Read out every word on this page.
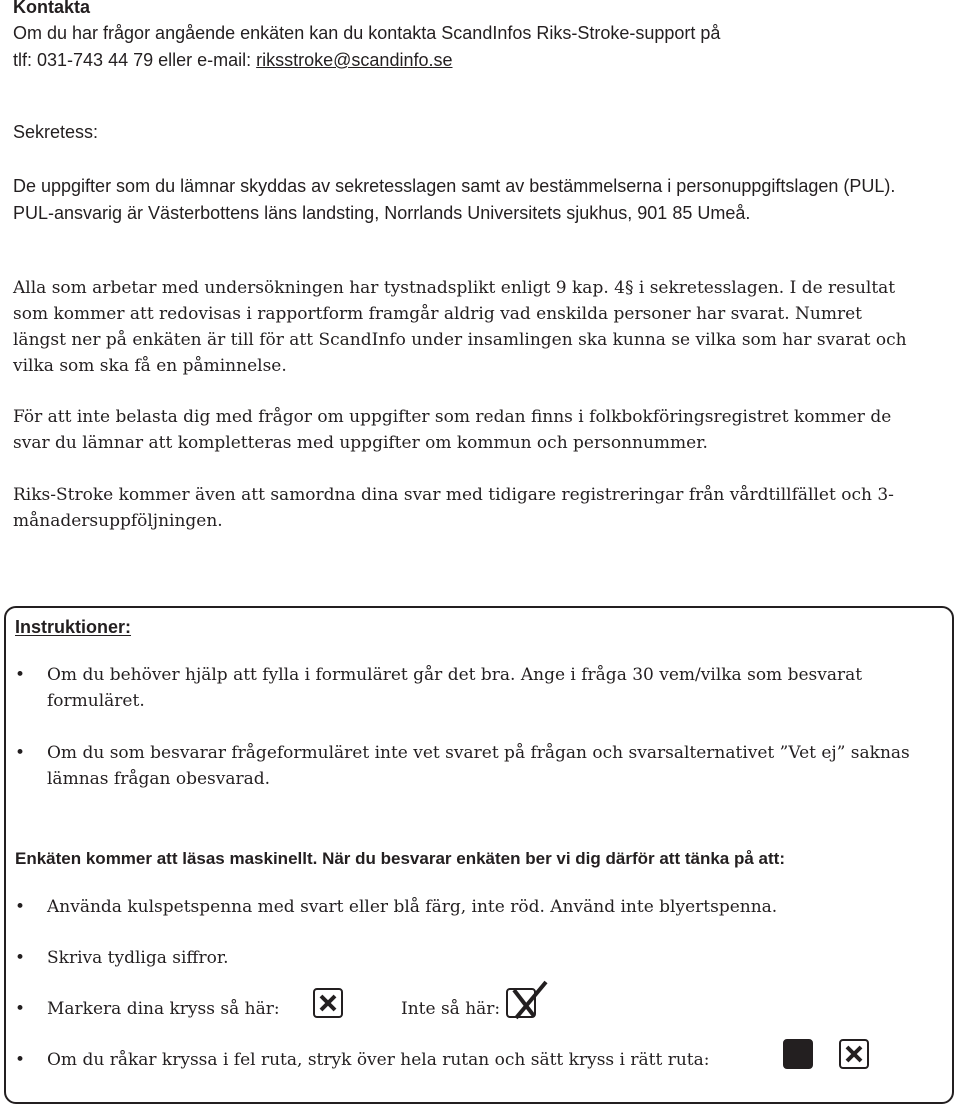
Kontakta
Om du har frågor angående enkäten kan du kontakta ScandInfos Riks-Stroke-support på
tlf: 031-743 44 79 eller e-mail: riksstroke@scandinfo.se
Sekretess:
De uppgifter som du lämnar skyddas av sekretesslagen samt av bestämmelserna i personuppgiftslagen (PUL). PUL-ansvarig är Västerbottens läns landsting, Norrlands Universitets sjukhus, 901 85 Umeå.
Alla som arbetar med undersökningen har tystnadsplikt enligt 9 kap. 4§ i sekretesslagen. I de resultat som kommer att redovisas i rapportform framgår aldrig vad enskilda personer har svarat. Numret längst ner på enkäten är till för att ScandInfo under insamlingen ska kunna se vilka som har svarat och vilka som ska få en påminnelse.
För att inte belasta dig med frågor om uppgifter som redan finns i folkbokföringsregistret kommer de svar du lämnar att kompletteras med uppgifter om kommun och personnummer.
Riks-Stroke kommer även att samordna dina svar med tidigare registreringar från vårdtillfället och 3-månadersuppföljningen.
Instruktioner:
• Om du behöver hjälp att fylla i formuläret går det bra. Ange i fråga 30 vem/vilka som besvarat formuläret.
• Om du som besvarar frågeformuläret inte vet svaret på frågan och svarsalternativet ”Vet ej” saknas lämnas frågan obesvarad.
Enkäten kommer att läsas maskinellt. När du besvarar enkäten ber vi dig därför att tänka på att:
• Använda kulspetspenna med svart eller blå färg, inte röd. Använd inte blyertspenna.
• Skriva tydliga siffror.
• Markera dina kryss så här:	Inte så här:
• Om du råkar kryssa i fel ruta, stryk över hela rutan och sätt kryss i rätt ruta:
